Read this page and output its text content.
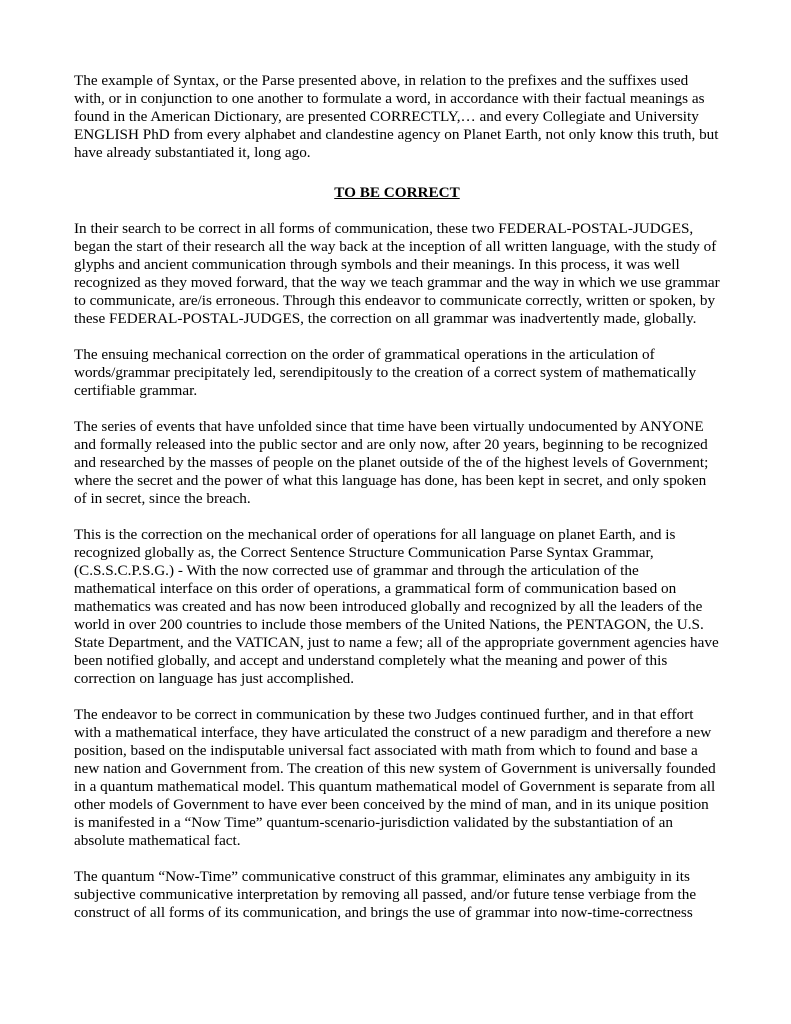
The example of Syntax, or the Parse presented above, in relation to the prefixes and the suffixes used with, or in conjunction to one another to formulate a word, in accordance with their factual meanings as found in the American Dictionary, are presented CORRECTLY,… and every Collegiate and University ENGLISH PhD from every alphabet and clandestine agency on Planet Earth, not only know this truth, but have already substantiated it, long ago.

TO BE CORRECT

In their search to be correct in all forms of communication, these two FEDERAL-POSTAL-JUDGES, began the start of their research all the way back at the inception of all written language, with the study of glyphs and ancient communication through symbols and their meanings. In this process, it was well recognized as they moved forward, that the way we teach grammar and the way in which we use grammar to communicate, are/is erroneous. Through this endeavor to communicate correctly, written or spoken, by these FEDERAL-POSTAL-JUDGES, the correction on all grammar was inadvertently made, globally.

The ensuing mechanical correction on the order of grammatical operations in the articulation of words/grammar precipitately led, serendipitously to the creation of a correct system of mathematically certifiable grammar.

The series of events that have unfolded since that time have been virtually undocumented by ANYONE and formally released into the public sector and are only now, after 20 years, beginning to be recognized and researched by the masses of people on the planet outside of the of the highest levels of Government; where the secret and the power of what this language has done, has been kept in secret, and only spoken of in secret, since the breach.

This is the correction on the mechanical order of operations for all language on planet Earth, and is recognized globally as, the Correct Sentence Structure Communication Parse Syntax Grammar, (C.S.S.C.P.S.G.) - With the now corrected use of grammar and through the articulation of the mathematical interface on this order of operations, a grammatical form of communication based on mathematics was created and has now been introduced globally and recognized by all the leaders of the world in over 200 countries to include those members of the United Nations, the PENTAGON, the U.S. State Department, and the VATICAN, just to name a few; all of the appropriate government agencies have been notified globally, and accept and understand completely what the meaning and power of this correction on language has just accomplished.

The endeavor to be correct in communication by these two Judges continued further, and in that effort with a mathematical interface, they have articulated the construct of a new paradigm and therefore a new position, based on the indisputable universal fact associated with math from which to found and base a new nation and Government from. The creation of this new system of Government is universally founded in a quantum mathematical model. This quantum mathematical model of Government is separate from all other models of Government to have ever been conceived by the mind of man, and in its unique position is manifested in a “Now Time” quantum-scenario-jurisdiction validated by the substantiation of an absolute mathematical fact.

The quantum “Now-Time” communicative construct of this grammar, eliminates any ambiguity in its subjective communicative interpretation by removing all passed, and/or future tense verbiage from the construct of all forms of its communication, and brings the use of grammar into now-time-correctness
